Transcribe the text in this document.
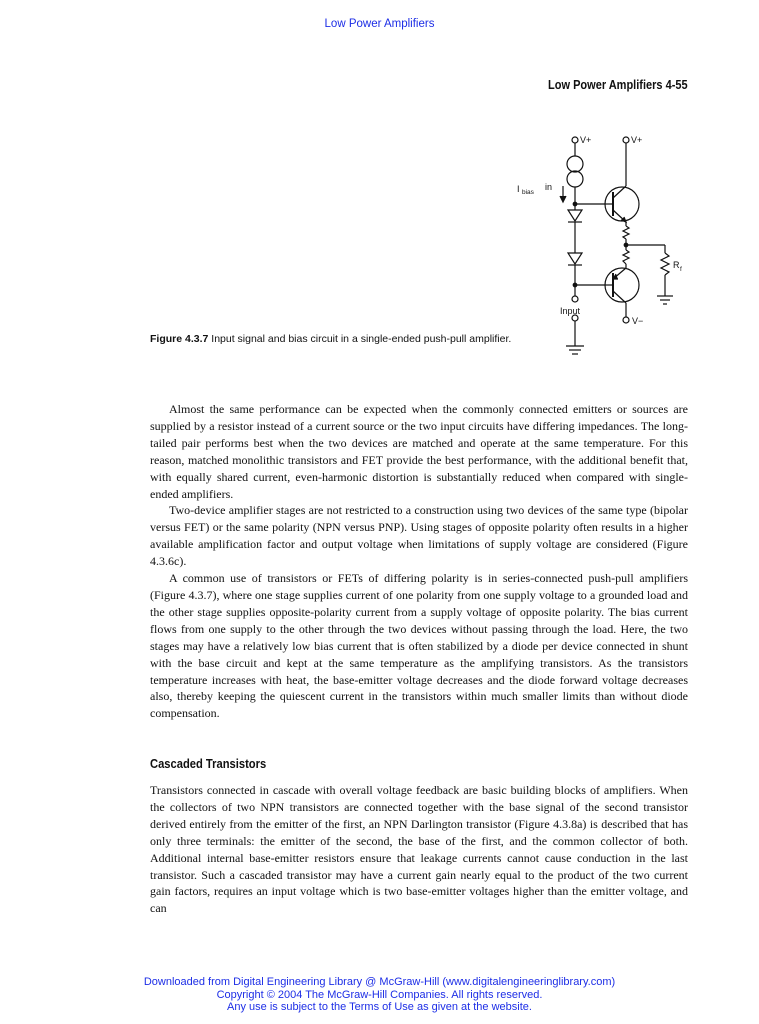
Low Power Amplifiers
Low Power Amplifiers 4-55
V+	V+
I bias
in
R f
Input
V−
Figure 4.3.7 Input signal and bias circuit in a single-ended push-pull amplifier.

Almost the same performance can be expected when the commonly connected emitters or sources are supplied by a resistor instead of a current source or the two input circuits have differing impedances. The long-tailed pair performs best when the two devices are matched and operate at the same temperature. For this reason, matched monolithic transistors and FET provide the best performance, with the additional benefit that, with equally shared current, even-harmonic distortion is substantially reduced when compared with single-ended amplifiers.

Two-device amplifier stages are not restricted to a construction using two devices of the same type (bipolar versus FET) or the same polarity (NPN versus PNP). Using stages of opposite polarity often results in a higher available amplification factor and output voltage when limitations of supply voltage are considered (Figure 4.3.6c).

A common use of transistors or FETs of differing polarity is in series-connected push-pull amplifiers (Figure 4.3.7), where one stage supplies current of one polarity from one supply voltage to a grounded load and the other stage supplies opposite-polarity current from a supply voltage of opposite polarity. The bias current flows from one supply to the other through the two devices without passing through the load. Here, the two stages may have a relatively low bias current that is often stabilized by a diode per device connected in shunt with the base circuit and kept at the same temperature as the amplifying transistors. As the transistors temperature increases with heat, the base-emitter voltage decreases and the diode forward voltage decreases also, thereby keeping the quiescent current in the transistors within much smaller limits than without diode compensation.

Cascaded Transistors

Transistors connected in cascade with overall voltage feedback are basic building blocks of amplifiers. When the collectors of two NPN transistors are connected together with the base signal of the second transistor derived entirely from the emitter of the first, an NPN Darlington transistor (Figure 4.3.8a) is described that has only three terminals: the emitter of the second, the base of the first, and the common collector of both. Additional internal base-emitter resistors ensure that leakage currents cannot cause conduction in the last transistor. Such a cascaded transistor may have a current gain nearly equal to the product of the two current gain factors, requires an input voltage which is two base-emitter voltages higher than the emitter voltage, and can

Downloaded from Digital Engineering Library @ McGraw-Hill (www.digitalengineeringlibrary.com)
Copyright © 2004 The McGraw-Hill Companies. All rights reserved.
Any use is subject to the Terms of Use as given at the website.
